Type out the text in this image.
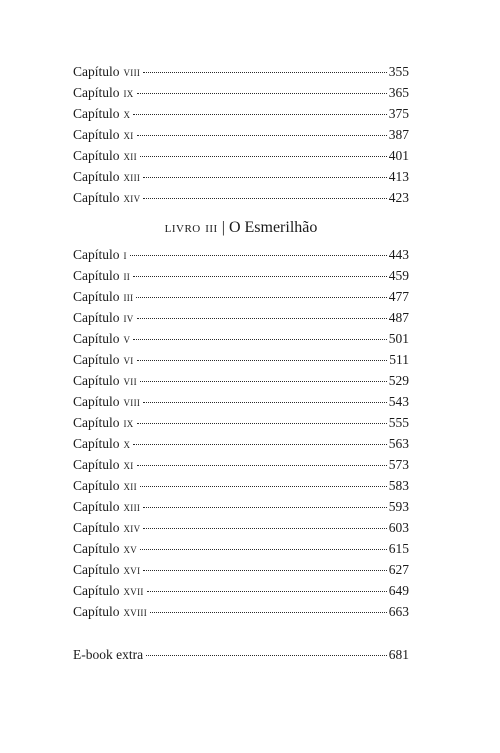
Capítulo viii	355
Capítulo ix	365
Capítulo x	375
Capítulo xi	387
Capítulo xii	401
Capítulo xiii	413
Capítulo xiv	423
livro iii | O Esmerilhão
Capítulo i	443
Capítulo ii	459
Capítulo iii	477
Capítulo iv	487
Capítulo v	501
Capítulo vi	511
Capítulo vii	529
Capítulo viii	543
Capítulo ix	555
Capítulo x	563
Capítulo xi	573
Capítulo xii	583
Capítulo xiii	593
Capítulo xiv	603
Capítulo xv	615
Capítulo xvi	627
Capítulo xvii	649
Capítulo xviii	663
E-book extra	681
